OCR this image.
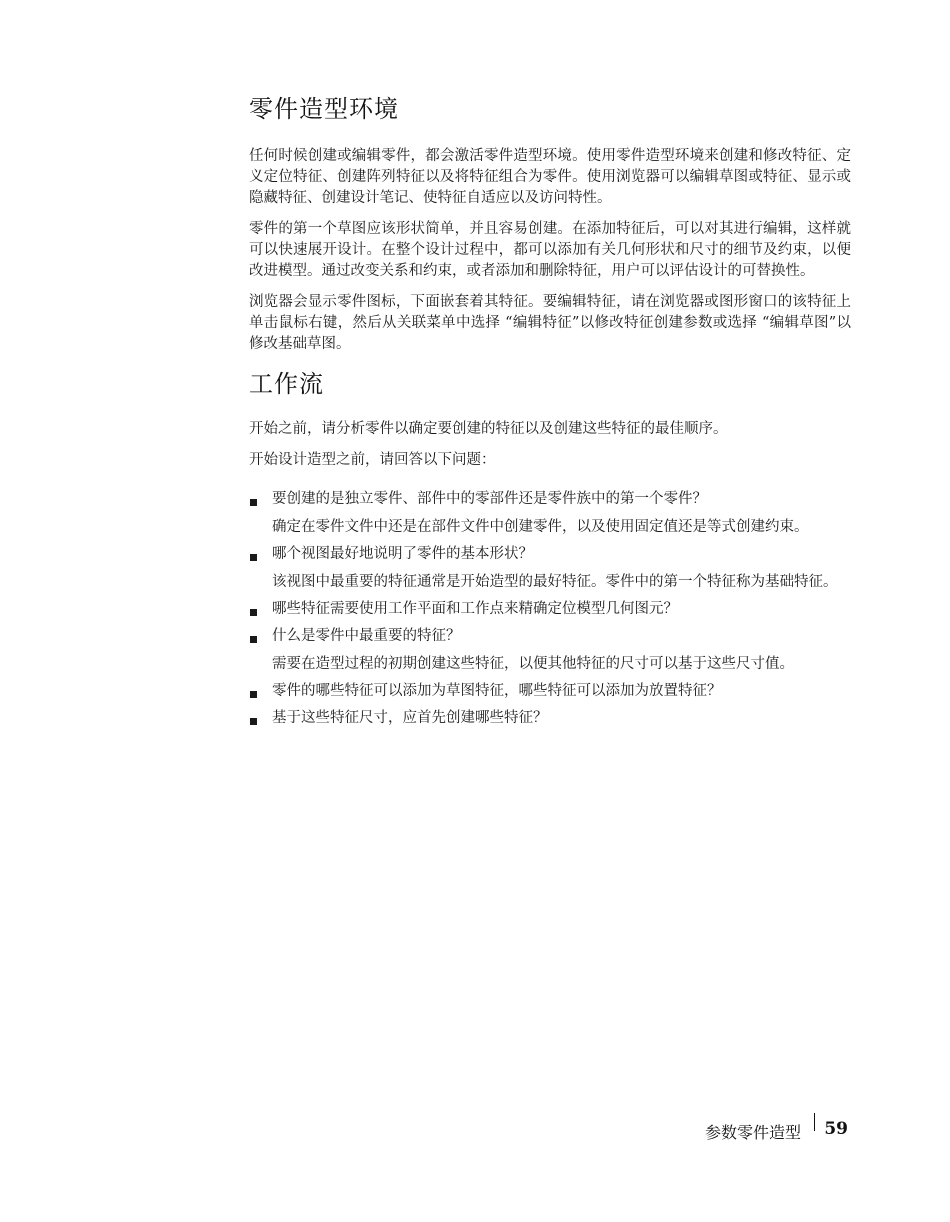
零件造型环境

任何时候创建或编辑零件，都会激活零件造型环境。使用零件造型环境来创建和修改特征、定义定位特征、创建阵列特征以及将特征组合为零件。使用浏览器可以编辑草图或特征、显示或隐藏特征、创建设计笔记、使特征自适应以及访问特性。

零件的第一个草图应该形状简单，并且容易创建。在添加特征后，可以对其进行编辑，这样就可以快速展开设计。在整个设计过程中，都可以添加有关几何形状和尺寸的细节及约束，以便改进模型。通过改变关系和约束，或者添加和删除特征，用户可以评估设计的可替换性。

浏览器会显示零件图标，下面嵌套着其特征。要编辑特征，请在浏览器或图形窗口的该特征上单击鼠标右键，然后从关联菜单中选择 “编辑特征”以修改特征创建参数或选择 “编辑草图”以修改基础草图。

工作流

开始之前，请分析零件以确定要创建的特征以及创建这些特征的最佳顺序。

开始设计造型之前，请回答以下问题：

要创建的是独立零件、部件中的零部件还是零件族中的第一个零件？
确定在零件文件中还是在部件文件中创建零件，以及使用固定值还是等式创建约束。
哪个视图最好地说明了零件的基本形状？
该视图中最重要的特征通常是开始造型的最好特征。零件中的第一个特征称为基础特征。
哪些特征需要使用工作平面和工作点来精确定位模型几何图元？
什么是零件中最重要的特征？
需要在造型过程的初期创建这些特征，以便其他特征的尺寸可以基于这些尺寸值。
零件的哪些特征可以添加为草图特征，哪些特征可以添加为放置特征？
基于这些特征尺寸，应首先创建哪些特征？
参数零件造型 59
